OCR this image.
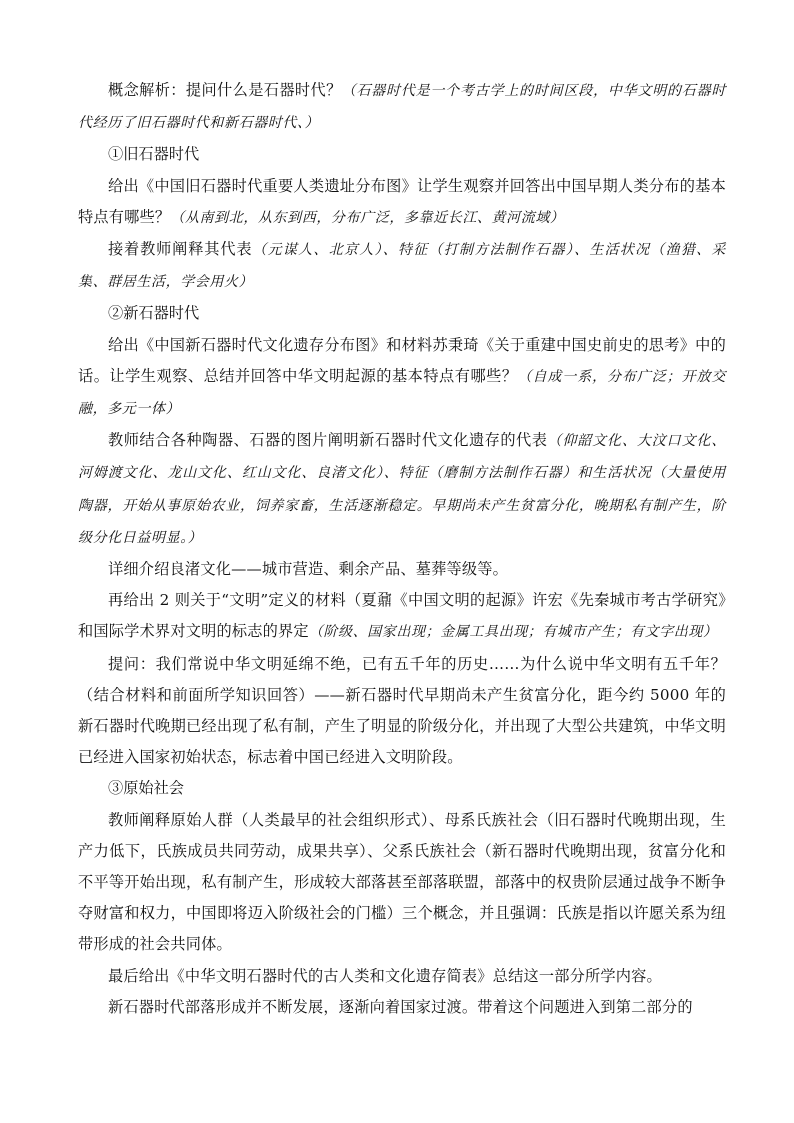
概念解析：提问什么是石器时代？（石器时代是一个考古学上的时间区段，中华文明的石器时代经历了旧石器时代和新石器时代、）

①旧石器时代

给出《中国旧石器时代重要人类遗址分布图》让学生观察并回答出中国早期人类分布的基本特点有哪些？（从南到北，从东到西，分布广泛，多靠近长江、黄河流域）

接着教师阐释其代表（元谋人、北京人）、特征（打制方法制作石器）、生活状况（渔猎、采集、群居生活，学会用火）

②新石器时代

给出《中国新石器时代文化遗存分布图》和材料苏秉琦《关于重建中国史前史的思考》中的话。让学生观察、总结并回答中华文明起源的基本特点有哪些？（自成一系，分布广泛；开放交融，多元一体）

教师结合各种陶器、石器的图片阐明新石器时代文化遗存的代表（仰韶文化、大汶口文化、河姆渡文化、龙山文化、红山文化、良渚文化）、特征（磨制方法制作石器）和生活状况（大量使用陶器，开始从事原始农业，饲养家畜，生活逐渐稳定。早期尚未产生贫富分化，晚期私有制产生，阶级分化日益明显。）

详细介绍良渚文化——城市营造、剩余产品、墓葬等级等。

再给出 2 则关于“文明”定义的材料（夏鼐《中国文明的起源》许宏《先秦城市考古学研究》和国际学术界对文明的标志的界定（阶级、国家出现；金属工具出现；有城市产生；有文字出现）

提问：我们常说中华文明延绵不绝，已有五千年的历史……为什么说中华文明有五千年？（结合材料和前面所学知识回答）——新石器时代早期尚未产生贫富分化，距今约 5000 年的新石器时代晚期已经出现了私有制，产生了明显的阶级分化，并出现了大型公共建筑，中华文明已经进入国家初始状态，标志着中国已经进入文明阶段。

③原始社会

教师阐释原始人群（人类最早的社会组织形式）、母系氏族社会（旧石器时代晚期出现，生产力低下，氏族成员共同劳动，成果共享）、父系氏族社会（新石器时代晚期出现，贫富分化和不平等开始出现，私有制产生，形成较大部落甚至部落联盟，部落中的权贵阶层通过战争不断争夺财富和权力，中国即将迈入阶级社会的门槛）三个概念，并且强调：氏族是指以许愿关系为纽带形成的社会共同体。

最后给出《中华文明石器时代的古人类和文化遗存简表》总结这一部分所学内容。

新石器时代部落形成并不断发展，逐渐向着国家过渡。带着这个问题进入到第二部分的
